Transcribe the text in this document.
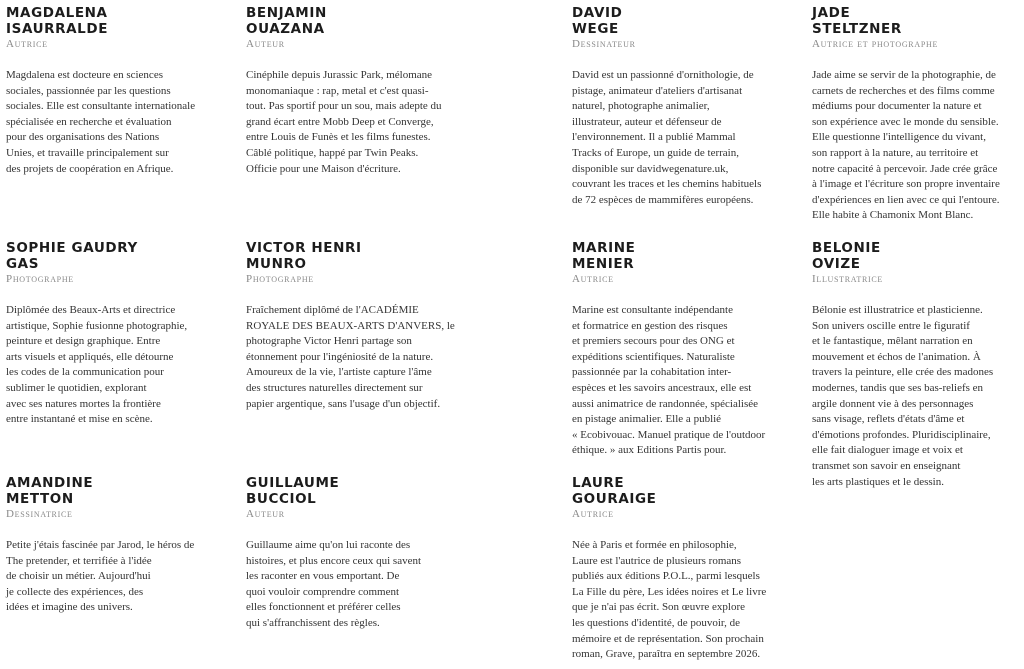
MAGDALENA
ISAURRALDE
Autrice
Magdalena est docteure en sciences
sociales, passionnée par les questions
sociales. Elle est consultante internationale
spécialisée en recherche et évaluation
pour des organisations des Nations
Unies, et travaille principalement sur
des projets de coopération en Afrique.
BENJAMIN
OUAZANA
Auteur
Cinéphile depuis Jurassic Park, mélomane
monomaniaque : rap, metal et c'est quasi-
tout. Pas sportif pour un sou, mais adepte du
grand écart entre Mobb Deep et Converge,
entre Louis de Funès et les films funestes.
Câblé politique, happé par Twin Peaks.
Officie pour une Maison d'écriture.
DAVID
WEGE
Dessinateur
David est un passionné d'ornithologie, de
pistage, animateur d'ateliers d'artisanat
naturel, photographe animalier,
illustrateur, auteur et défenseur de
l'environnement. Il a publié Mammal
Tracks of Europe, un guide de terrain,
disponible sur davidwegenature.uk,
couvrant les traces et les chemins habituels
de 72 espèces de mammifères européens.
JADE
STELTZNER
Autrice et photographe
Jade aime se servir de la photographie, de
carnets de recherches et des films comme
médiums pour documenter la nature et
son expérience avec le monde du sensible.
Elle questionne l'intelligence du vivant,
son rapport à la nature, au territoire et
notre capacité à percevoir. Jade crée grâce
à l'image et l'écriture son propre inventaire
d'expériences en lien avec ce qui l'entoure.
Elle habite à Chamonix Mont Blanc.
SOPHIE GAUDRY
GAS
Photographe
Diplômée des Beaux-Arts et directrice
artistique, Sophie fusionne photographie,
peinture et design graphique. Entre
arts visuels et appliqués, elle détourne
les codes de la communication pour
sublimer le quotidien, explorant
avec ses natures mortes la frontière
entre instantané et mise en scène.
VICTOR HENRI
MUNRO
Photographe
Fraîchement diplômé de l'ACADÉMIE
ROYALE DES BEAUX-ARTS D'ANVERS, le
photographe Victor Henri partage son
étonnement pour l'ingéniosité de la nature.
Amoureux de la vie, l'artiste capture l'âme
des structures naturelles directement sur
papier argentique, sans l'usage d'un objectif.
MARINE
MENIER
Autrice
Marine est consultante indépendante
et formatrice en gestion des risques
et premiers secours pour des ONG et
expéditions scientifiques. Naturaliste
passionnée par la cohabitation inter-
espèces et les savoirs ancestraux, elle est
aussi animatrice de randonnée, spécialisée
en pistage animalier. Elle a publié
« Ecobivouac. Manuel pratique de l'outdoor
éthique. » aux Editions Partis pour.
BELONIE
OVIZE
Illustratrice
Bélonie est illustratrice et plasticienne.
Son univers oscille entre le figuratif
et le fantastique, mêlant narration en
mouvement et échos de l'animation. À
travers la peinture, elle crée des madones
modernes, tandis que ses bas-reliefs en
argile donnent vie à des personnages
sans visage, reflets d'états d'âme et
d'émotions profondes. Pluridisciplinaire,
elle fait dialoguer image et voix et
transmet son savoir en enseignant
les arts plastiques et le dessin.
AMANDINE
METTON
Dessinatrice
Petite j'étais fascinée par Jarod, le héros de
The pretender, et terrifiée à l'idée
de choisir un métier. Aujourd'hui
je collecte des expériences, des
idées et imagine des univers.
GUILLAUME
BUCCIOL
Auteur
Guillaume aime qu'on lui raconte des
histoires, et plus encore ceux qui savent
les raconter en vous emportant. De
quoi vouloir comprendre comment
elles fonctionnent et préférer celles
qui s'affranchissent des règles.
LAURE
GOURAIGE
Autrice
Née à Paris et formée en philosophie,
Laure est l'autrice de plusieurs romans
publiés aux éditions P.O.L., parmi lesquels
La Fille du père, Les idées noires et Le livre
que je n'ai pas écrit. Son œuvre explore
les questions d'identité, de pouvoir, de
mémoire et de représentation. Son prochain
roman, Grave, paraîtra en septembre 2026.
